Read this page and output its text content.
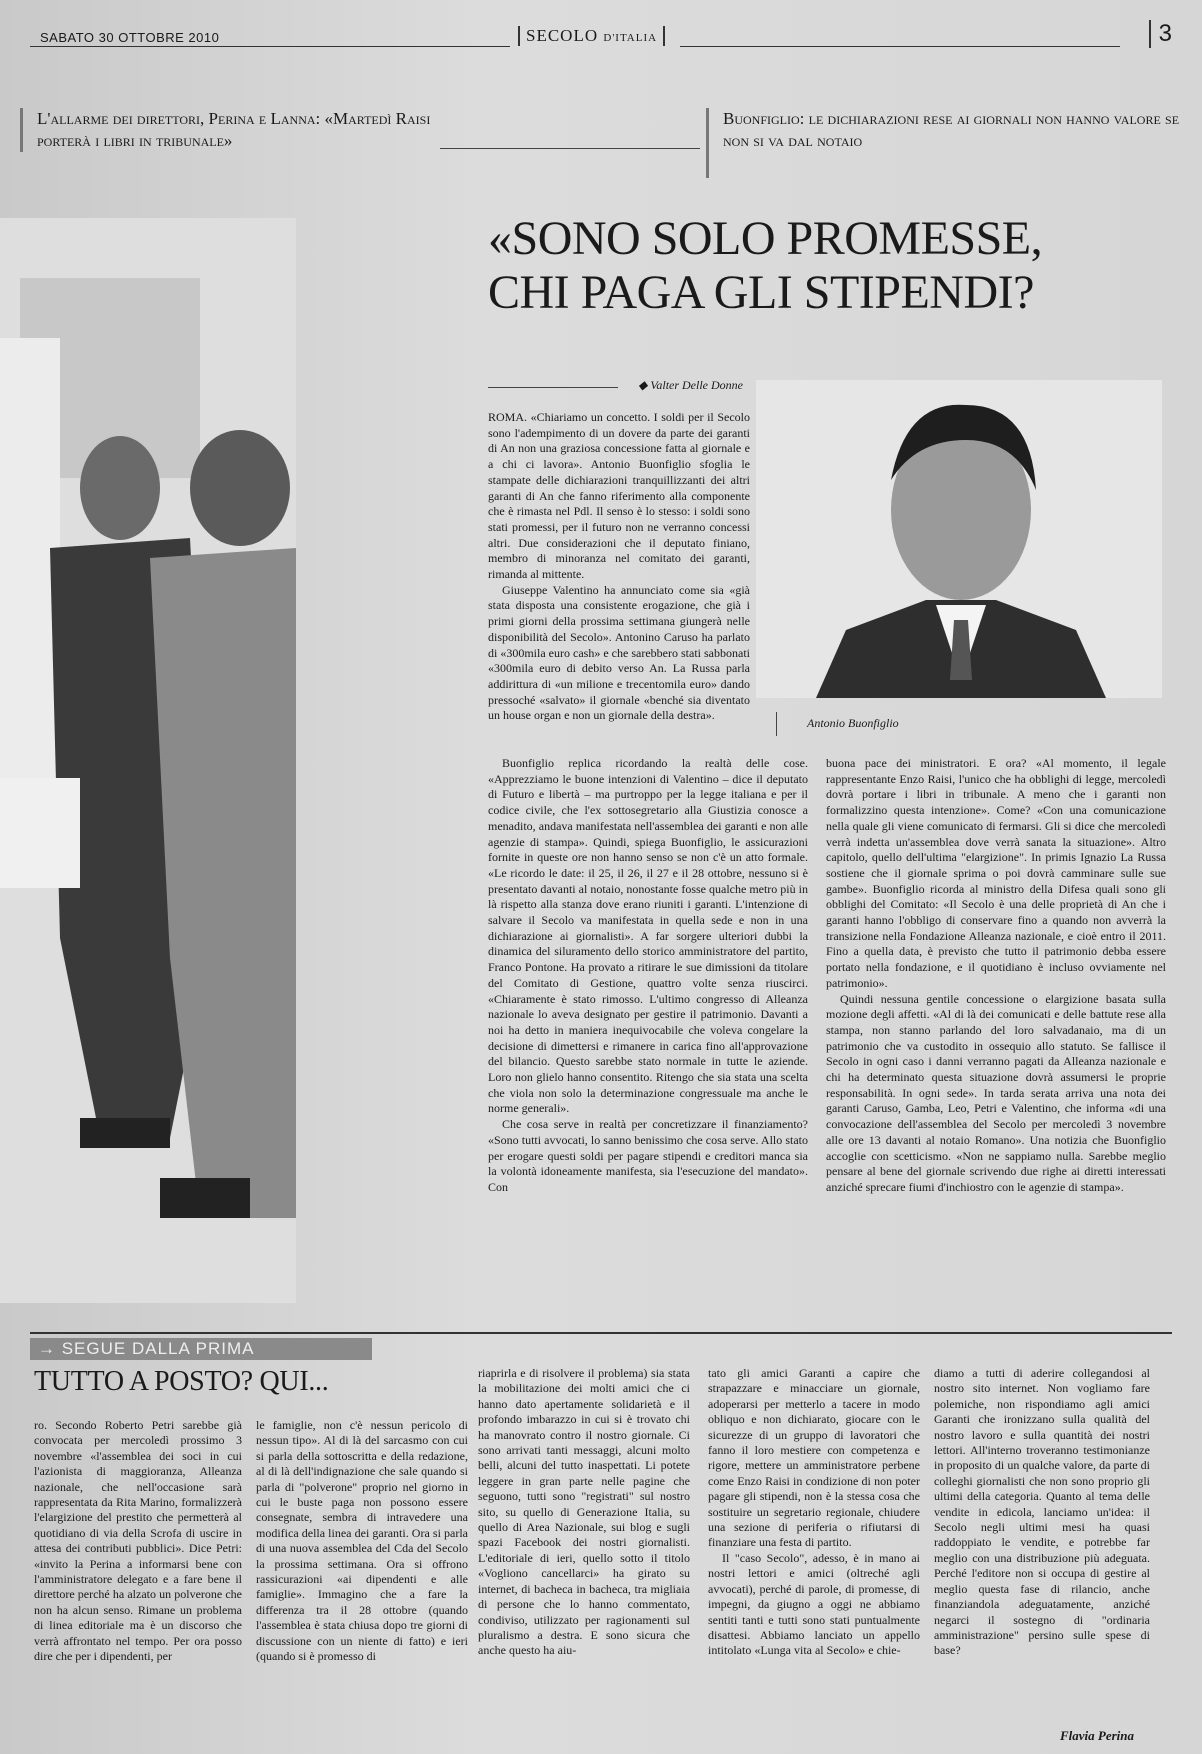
SABATO 30 OTTOBRE 2010	SECOLO D'ITALIA	3
L'allarme dei direttori, Perina e Lanna: «Martedì Raisi porterà i libri in tribunale»
Buonfiglio: le dichiarazioni rese ai giornali non hanno valore se non si va dal notaio
«SONO SOLO PROMESSE,
CHI PAGA GLI STIPENDI?
◆ Valter Delle Donne
Antonio Buonfiglio

ROMA. «Chiariamo un concetto. I soldi per il Secolo sono l'adempimento di un dovere da parte dei garanti di An non una graziosa concessione fatta al giornale e a chi ci lavora». Antonio Buonfiglio sfoglia le stampate delle dichiarazioni tranquillizzanti dei altri garanti di An che fanno riferimento alla componente che è rimasta nel Pdl. Il senso è lo stesso: i soldi sono stati promessi, per il futuro non ne verranno concessi altri. Due considerazioni che il deputato finiano, membro di minoranza nel comitato dei garanti, rimanda al mittente.

Giuseppe Valentino ha annunciato come sia «già stata disposta una consistente erogazione, che già i primi giorni della prossima settimana giungerà nelle disponibilità del Secolo». Antonino Caruso ha parlato di «300mila euro cash» e che sarebbero stati sabbonati «300mila euro di debito verso An. La Russa parla addirittura di «un milione e trecentomila euro» dando pressoché «salvato» il giornale «benché sia diventato un house organ e non un giornale della destra».

Buonfiglio replica ricordando la realtà delle cose. «Apprezziamo le buone intenzioni di Valentino – dice il deputato di Futuro e libertà – ma purtroppo per la legge italiana e per il codice civile, che l'ex sottosegretario alla Giustizia conosce a menadito, andava manifestata nell'assemblea dei garanti e non alle agenzie di stampa». Quindi, spiega Buonfiglio, le assicurazioni fornite in queste ore non hanno senso se non c'è un atto formale. «Le ricordo le date: il 25, il 26, il 27 e il 28 ottobre, nessuno si è presentato davanti al notaio, nonostante fosse qualche metro più in là rispetto alla stanza dove erano riuniti i garanti. L'intenzione di salvare il Secolo va manifestata in quella sede e non in una dichiarazione ai giornalisti». A far sorgere ulteriori dubbi la dinamica del siluramento dello storico amministratore del partito, Franco Pontone. Ha provato a ritirare le sue dimissioni da titolare del Comitato di Gestione, quattro volte senza riuscirci. «Chiaramente è stato rimosso. L'ultimo congresso di Alleanza nazionale lo aveva designato per gestire il patrimonio. Davanti a noi ha detto in maniera inequivocabile che voleva congelare la decisione di dimettersi e rimanere in carica fino all'approvazione del bilancio. Questo sarebbe stato normale in tutte le aziende. Loro non glielo hanno consentito. Ritengo che sia stata una scelta che viola non solo la determinazione congressuale ma anche le norme generali».

Che cosa serve in realtà per concretizzare il finanziamento? «Sono tutti avvocati, lo sanno benissimo che cosa serve. Allo stato per erogare questi soldi per pagare stipendi e creditori manca sia la volontà idoneamente manifesta, sia l'esecuzione del mandato». Con

buona pace dei ministratori. E ora? «Al momento, il legale rappresentante Enzo Raisi, l'unico che ha obblighi di legge, mercoledì dovrà portare i libri in tribunale. A meno che i garanti non formalizzino questa intenzione». Come? «Con una comunicazione nella quale gli viene comunicato di fermarsi. Gli si dice che mercoledì verrà indetta un'assemblea dove verrà sanata la situazione». Altro capitolo, quello dell'ultima "elargizione". In primis Ignazio La Russa sostiene che il giornale sprima o poi dovrà camminare sulle sue gambe». Buonfiglio ricorda al ministro della Difesa quali sono gli obblighi del Comitato: «Il Secolo è una delle proprietà di An che i garanti hanno l'obbligo di conservare fino a quando non avverrà la transizione nella Fondazione Alleanza nazionale, e cioè entro il 2011. Fino a quella data, è previsto che tutto il patrimonio debba essere portato nella fondazione, e il quotidiano è incluso ovviamente nel patrimonio».

Quindi nessuna gentile concessione o elargizione basata sulla mozione degli affetti. «Al di là dei comunicati e delle battute rese alla stampa, non stanno parlando del loro salvadanaio, ma di un patrimonio che va custodito in ossequio allo statuto. Se fallisce il Secolo in ogni caso i danni verranno pagati da Alleanza nazionale e chi ha determinato questa situazione dovrà assumersi le proprie responsabilità. In ogni sede». In tarda serata arriva una nota dei garanti Caruso, Gamba, Leo, Petri e Valentino, che informa «di una convocazione dell'assemblea del Secolo per mercoledì 3 novembre alle ore 13 davanti al notaio Romano». Una notizia che Buonfiglio accoglie con scetticismo. «Non ne sappiamo nulla. Sarebbe meglio pensare al bene del giornale scrivendo due righe ai diretti interessati anziché sprecare fiumi d'inchiostro con le agenzie di stampa».

→ SEGUE DALLA PRIMA
TUTTO A POSTO? QUI...

ro. Secondo Roberto Petri sarebbe già convocata per mercoledì prossimo 3 novembre «l'assemblea dei soci in cui l'azionista di maggioranza, Alleanza nazionale, che nell'occasione sarà rappresentata da Rita Marino, formalizzerà l'elargizione del prestito che permetterà al quotidiano di via della Scrofa di uscire in attesa dei contributi pubblici». Dice Petri: «invito la Perina a informarsi bene con l'amministratore delegato e a fare bene il direttore perché ha alzato un polverone che non ha alcun senso. Rimane un problema di linea editoriale ma è un discorso che verrà affrontato nel tempo. Per ora posso dire che per i dipendenti, per

le famiglie, non c'è nessun pericolo di nessun tipo». Al di là del sarcasmo con cui si parla della sottoscritta e della redazione, al di là dell'indignazione che sale quando si parla di "polverone" proprio nel giorno in cui le buste paga non possono essere consegnate, sembra di intravedere una modifica della linea dei garanti. Ora si parla di una nuova assemblea del Cda del Secolo la prossima settimana. Ora si offrono rassicurazioni «ai dipendenti e alle famiglie». Immagino che a fare la differenza tra il 28 ottobre (quando l'assemblea è stata chiusa dopo tre giorni di discussione con un niente di fatto) e ieri (quando si è promesso di

riaprirla e di risolvere il problema) sia stata la mobilitazione dei molti amici che ci hanno dato apertamente solidarietà e il profondo imbarazzo in cui si è trovato chi ha manovrato contro il nostro giornale. Ci sono arrivati tanti messaggi, alcuni molto belli, alcuni del tutto inaspettati. Li potete leggere in gran parte nelle pagine che seguono, tutti sono "registrati" sul nostro sito, su quello di Generazione Italia, su quello di Area Nazionale, sui blog e sugli spazi Facebook dei nostri giornalisti. L'editoriale di ieri, quello sotto il titolo «Vogliono cancellarci» ha girato su internet, di bacheca in bacheca, tra migliaia di persone che lo hanno commentato, condiviso, utilizzato per ragionamenti sul pluralismo a destra. E sono sicura che anche questo ha aiu-

tato gli amici Garanti a capire che strapazzare e minacciare un giornale, adoperarsi per metterlo a tacere in modo obliquo e non dichiarato, giocare con le sicurezze di un gruppo di lavoratori che fanno il loro mestiere con competenza e rigore, mettere un amministratore perbene come Enzo Raisi in condizione di non poter pagare gli stipendi, non è la stessa cosa che sostituire un segretario regionale, chiudere una sezione di periferia o rifiutarsi di finanziare una festa di partito.

Il "caso Secolo", adesso, è in mano ai nostri lettori e amici (oltreché agli avvocati), perché di parole, di promesse, di impegni, da giugno a oggi ne abbiamo sentiti tanti e tutti sono stati puntualmente disattesi. Abbiamo lanciato un appello intitolato «Lunga vita al Secolo» e chie-

diamo a tutti di aderire collegandosi al nostro sito internet. Non vogliamo fare polemiche, non rispondiamo agli amici Garanti che ironizzano sulla qualità del nostro lavoro e sulla quantità dei nostri lettori. All'interno troveranno testimonianze in proposito di un qualche valore, da parte di colleghi giornalisti che non sono proprio gli ultimi della categoria. Quanto al tema delle vendite in edicola, lanciamo un'idea: il Secolo negli ultimi mesi ha quasi raddoppiato le vendite, e potrebbe far meglio con una distribuzione più adeguata. Perché l'editore non si occupa di gestire al meglio questa fase di rilancio, anche finanziandola adeguatamente, anziché negarci il sostegno di "ordinaria amministrazione" persino sulle spese di base?

Flavia Perina
